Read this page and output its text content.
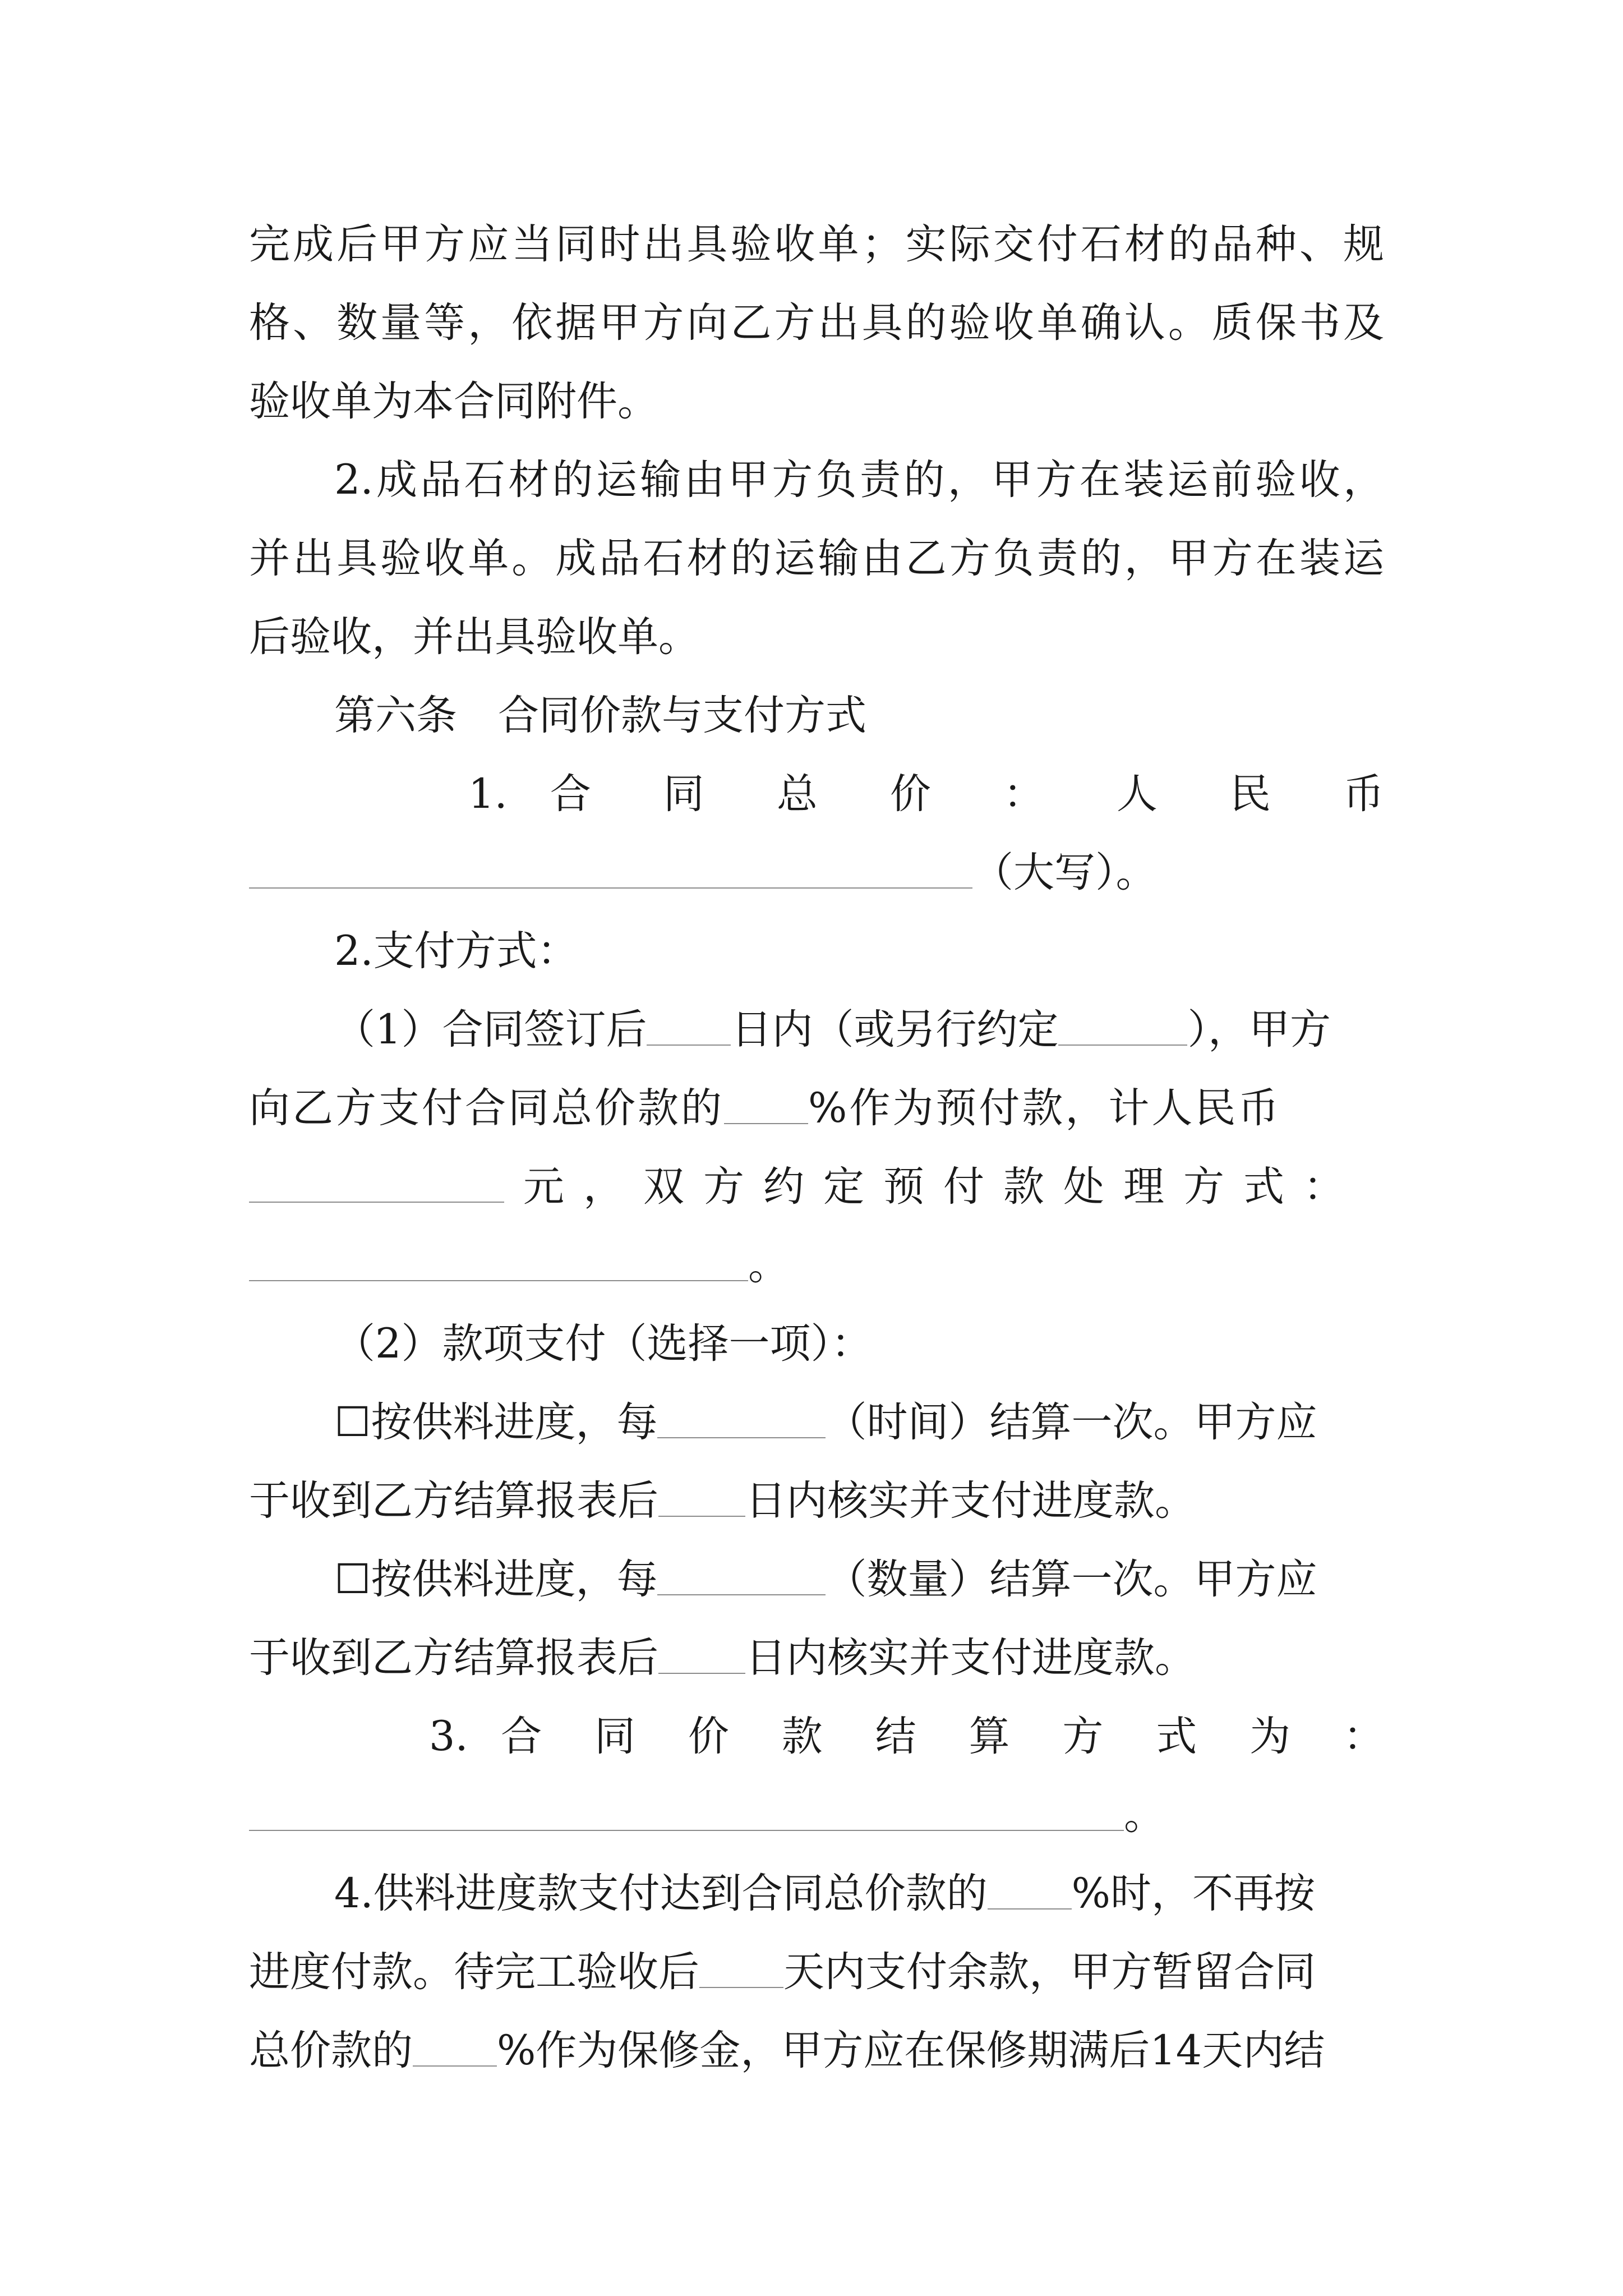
完成后甲方应当同时出具验收单；实际交付石材的品种、规
格、数量等，依据甲方向乙方出具的验收单确认。质保书及
验收单为本合同附件。
2.成品石材的运输由甲方负责的，甲方在装运前验收，
并出具验收单。成品石材的运输由乙方负责的，甲方在装运
后验收，并出具验收单。
第六条　合同价款与支付方式
1. 合 同 总 价 ： 人 民 币
（大写）。
2.支付方式：
（1）合同签订后 日内（或另行约定	），甲方
向乙方支付合同总价款的 %作为预付款，计人民币
元，双方约定预付款处理方式：
。
（2）款项支付（选择一项）：
☐按供料进度，每	（时间）结算一次。甲方应
于收到乙方结算报表后 日内核实并支付进度款。
☐按供料进度，每	（数量）结算一次。甲方应
于收到乙方结算报表后 日内核实并支付进度款。
3. 合 同 价 款 结 算 方 式 为 ：
。
4.供料进度款支付达到合同总价款的 %时，不再按
进度付款。待完工验收后 天内支付余款，甲方暂留合同
总价款的 %作为保修金，甲方应在保修期满后14天内结
